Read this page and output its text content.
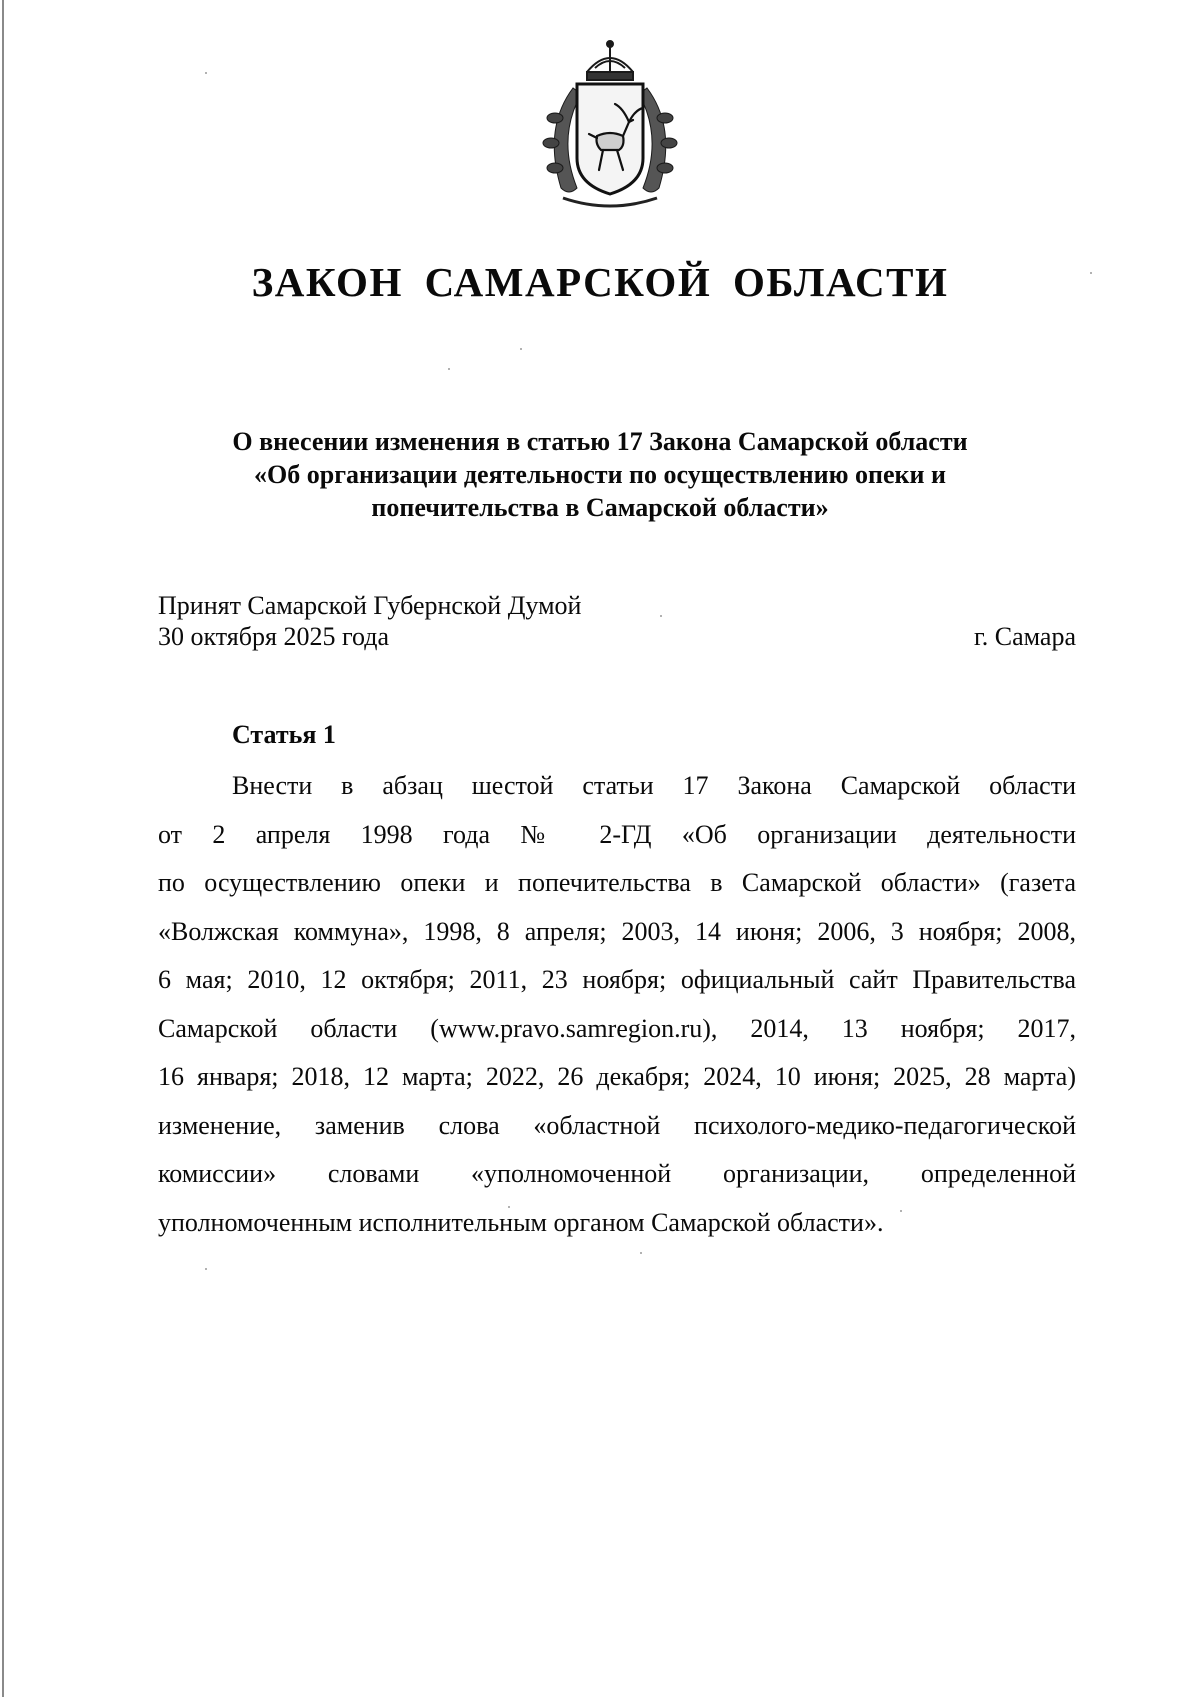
ЗАКОН САМАРСКОЙ ОБЛАСТИ
О внесении изменения в статью 17 Закона Самарской области
«Об организации деятельности по осуществлению опеки и
попечительства в Самарской области»
Принят Самарской Губернской Думой
30 октября 2025 года	г. Самара
Статья 1
Внести в абзац шестой статьи 17 Закона Самарской области
от 2 апреля 1998 года № 2-ГД «Об организации деятельности
по осуществлению опеки и попечительства в Самарской области» (газета
«Волжская коммуна», 1998, 8 апреля; 2003, 14 июня; 2006, 3 ноября; 2008,
6 мая; 2010, 12 октября; 2011, 23 ноября; официальный сайт Правительства
Самарской области (www.pravo.samregion.ru), 2014, 13 ноября; 2017,
16 января; 2018, 12 марта; 2022, 26 декабря; 2024, 10 июня; 2025, 28 марта)
изменение, заменив слова «областной психолого-медико-педагогической
комиссии» словами «уполномоченной организации, определенной
уполномоченным исполнительным органом Самарской области».
